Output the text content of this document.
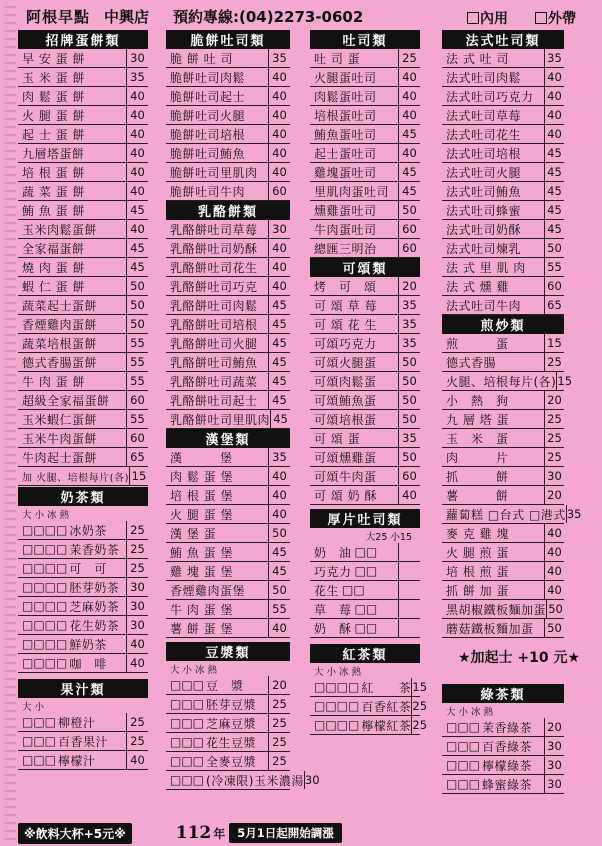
阿根早點 中興店 預約專線:(04)2273-0602	內用	外帶
招牌蛋餅類
早 安 蛋 餅	30
玉 米 蛋 餅	35
肉 鬆 蛋 餅	40
火 腿 蛋 餅	40
起 士 蛋 餅	40
九層塔蛋餅	40
培 根 蛋 餅	40
蔬 菜 蛋 餅	40
鮪 魚 蛋 餅	45
玉米肉鬆蛋餅	40
全家福蛋餅	45
燒 肉 蛋 餅	45
蝦 仁 蛋 餅	50
蔬菜起士蛋餅	50
香煙雞肉蛋餅	50
蔬菜培根蛋餅	55
德式香腸蛋餅	55
牛 肉 蛋 餅	55
超級全家福蛋餅	60
玉米蝦仁蛋餅	55
玉米牛肉蛋餅	60
牛肉起士蛋餅	65
加 火腿、培根每片(各) 15
奶茶類
大 小 冰 熱
□□□□ 冰奶茶	25
□□□□ 茉香奶茶 25
□□□□ 可　可	25
□□□□ 胚芽奶茶 30
□□□□ 芝麻奶茶 30
□□□□ 花生奶茶 30
□□□□ 鮮奶茶	40
□□□□ 咖　啡	40
果汁類
大 小
□□□ 柳橙汁	25
□□□ 百香果汁	25
□□□ 檸檬汁	40
脆餅吐司類
脆 餅 吐 司	35
脆餅吐司肉鬆	40
脆餅吐司起士	40
脆餅吐司火腿	40
脆餅吐司培根	40
脆餅吐司鮪魚	40
脆餅吐司里肌肉	40
脆餅吐司牛肉	60
乳酪餅類
乳酪餅吐司草莓	30
乳酪餅吐司奶酥	40
乳酪餅吐司花生	40
乳酪餅吐司巧克	40
乳酪餅吐司肉鬆	45
乳酪餅吐司培根	45
乳酪餅吐司火腿	45
乳酪餅吐司鮪魚	45
乳酪餅吐司蔬菜	45
乳酪餅吐司起士	45
乳酪餅吐司里肌肉 45
漢堡類
漢　　　堡	35
肉 鬆 蛋 堡	40
培 根 蛋 堡	40
火 腿 蛋 堡	40
漢 堡 蛋	50
鮪 魚 蛋 堡	45
雞 塊 蛋 堡	45
香煙雞肉蛋堡	50
牛 肉 蛋 堡	55
薯 餅 蛋 堡	40
豆漿類
大 小 冰 熱
□□□ 豆　漿	20
□□□ 胚芽豆漿	25
□□□ 芝麻豆漿	25
□□□ 花生豆漿	25
□□□ 全麥豆漿	25
□□□ (冷凍限)玉米濃湯 30
吐司類
吐 司 蛋	25
火腿蛋吐司	40
肉鬆蛋吐司	40
培根蛋吐司	40
鮪魚蛋吐司	45
起士蛋吐司	40
雞塊蛋吐司	45
里肌肉蛋吐司	45
燻雞蛋吐司	50
牛肉蛋吐司	60
總匯三明治	60
可頌類
烤　可　頌	20
可 頌 草 莓	35
可 頌 花 生	35
可頌巧克力	35
可頌火腿蛋	50
可頌肉鬆蛋	50
可頌鮪魚蛋	50
可頌培根蛋	50
可 頌 蛋	35
可頌燻雞蛋	50
可頌牛肉蛋	60
可 頌 奶 酥	40
厚片吐司類
大25 小15
奶　油 □□
巧克力 □□
花生 □□
草　莓 □□
奶　酥 □□
紅茶類
大 小 冰 熱
□□□□ 紅　　茶 15
□□□□ 百香紅茶 25
□□□□ 檸檬紅茶 25
法式吐司類
法 式 吐 司	35
法式吐司肉鬆	40
法式吐司巧克力	40
法式吐司草莓	40
法式吐司花生	40
法式吐司培根	45
法式吐司火腿	45
法式吐司鮪魚	45
法式吐司蜂蜜	45
法式吐司奶酥	45
法式吐司煉乳	50
法 式 里 肌 肉	55
法 式 燻 雞	60
法式吐司牛肉	65
煎炒類
煎　　　蛋	15
德式香腸	25
火腿、培根每片(各) 15
小　熱　狗	20
九 層 塔 蛋	25
玉　米　蛋	25
肉　　　片	25
抓　　　餅	30
薯　　　餅	20
蘿蔔糕 □台式 □港式 35
麥 克 雞 塊	40
火 腿 煎 蛋	40
培 根 煎 蛋	40
抓 餅 加 蛋	40
黑胡椒鐵板麵加蛋 50
蘑菇鐵板麵加蛋	50
★加起士 +10 元★
綠茶類
大 小 冰 熱
□□□ 茉香綠茶	20
□□□ 百香綠茶	30
□□□ 檸檬綠茶	30
□□□ 蜂蜜綠茶	30
※飲料大杯+5元※	112 年	5月1日起開始調漲
